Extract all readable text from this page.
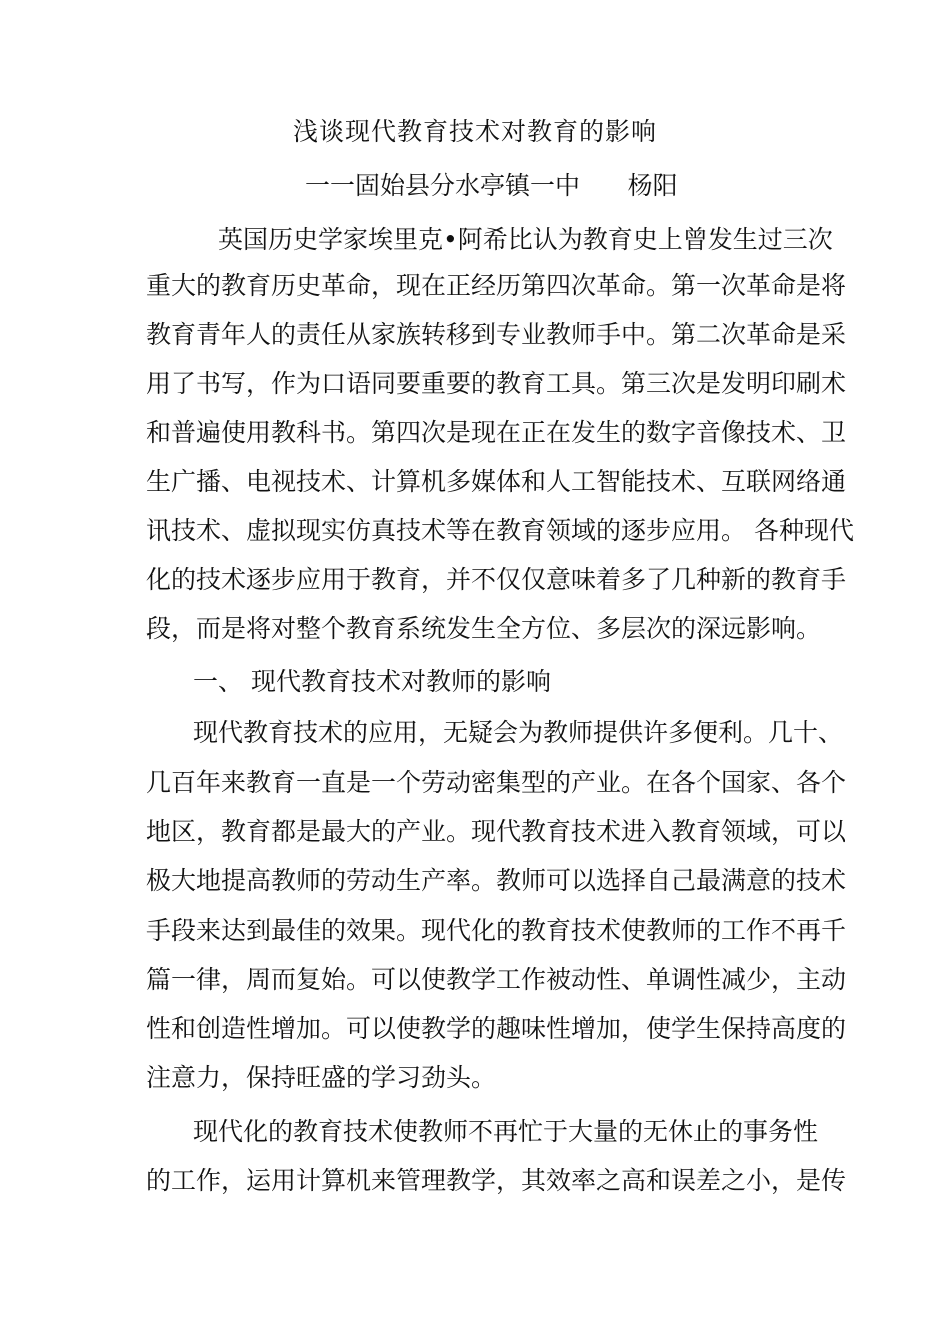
浅谈现代教育技术对教育的影响
一一固始县分水亭镇一中      杨阳
英国历史学家埃里克•阿希比认为教育史上曾发生过三次
重大的教育历史革命，现在正经历第四次革命。第一次革命是将
教育青年人的责任从家族转移到专业教师手中。第二次革命是采
用了书写，作为口语同要重要的教育工具。第三次是发明印刷术
和普遍使用教科书。第四次是现在正在发生的数字音像技术、卫
生广播、电视技术、计算机多媒体和人工智能技术、互联网络通
讯技术、虚拟现实仿真技术等在教育领域的逐步应用。 各种现代
化的技术逐步应用于教育，并不仅仅意味着多了几种新的教育手
段，而是将对整个教育系统发生全方位、多层次的深远影响。
一、 现代教育技术对教师的影响
现代教育技术的应用，无疑会为教师提供许多便利。几十、
几百年来教育一直是一个劳动密集型的产业。在各个国家、各个
地区，教育都是最大的产业。现代教育技术进入教育领域，可以
极大地提高教师的劳动生产率。教师可以选择自己最满意的技术
手段来达到最佳的效果。现代化的教育技术使教师的工作不再千
篇一律，周而复始。可以使教学工作被动性、单调性减少，主动
性和创造性增加。可以使教学的趣味性增加，使学生保持高度的
注意力，保持旺盛的学习劲头。
现代化的教育技术使教师不再忙于大量的无休止的事务性
的工作，运用计算机来管理教学，其效率之高和误差之小，是传
